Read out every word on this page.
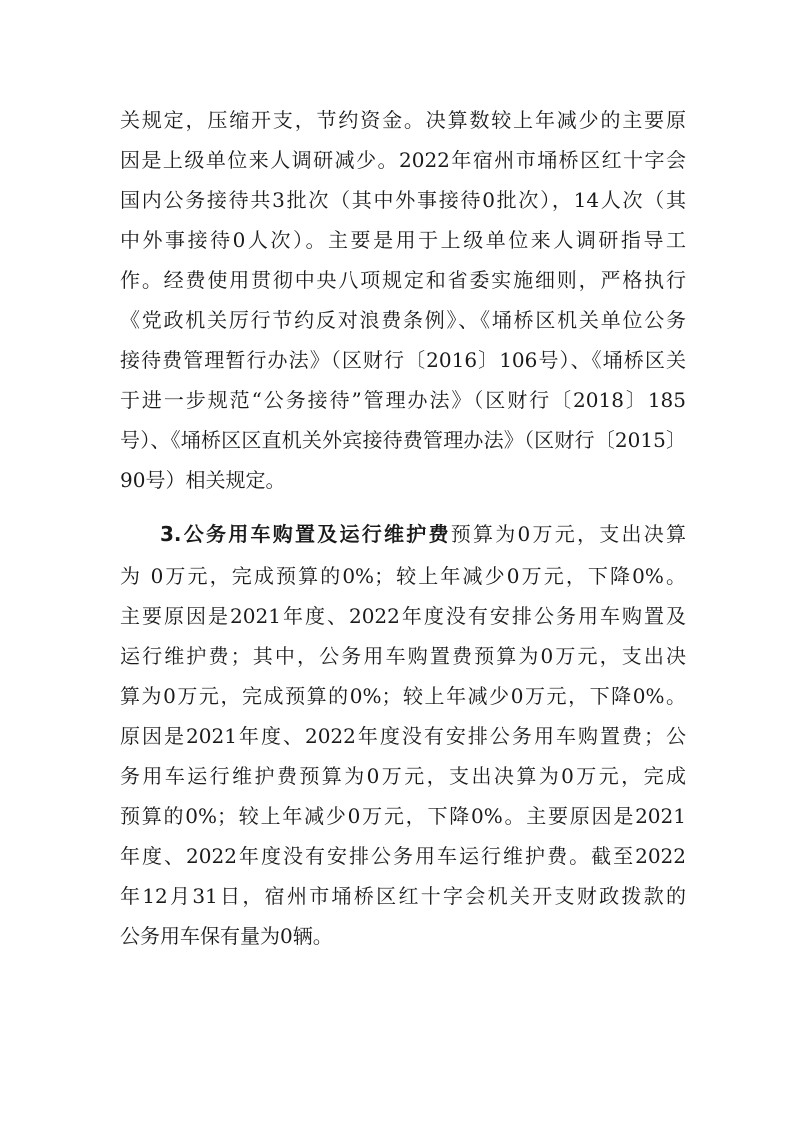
关规定，压缩开支，节约资金。决算数较上年减少的主要原
因是上级单位来人调研减少。2022年宿州市埇桥区红十字会
国内公务接待共3批次（其中外事接待0批次），14人次（其
中外事接待0人次）。主要是用于上级单位来人调研指导工
作。经费使用贯彻中央八项规定和省委实施细则，严格执行
《党政机关厉行节约反对浪费条例》、《埇桥区机关单位公务
接待费管理暂行办法》（区财行〔2016〕106号）、《埇桥区关
于进一步规范“公务接待”管理办法》（区财行〔2018〕185
号）、《埇桥区区直机关外宾接待费管理办法》（区财行〔2015〕
90号）相关规定。
3.公务用车购置及运行维护费预算为0万元，支出决算
为 0万元，完成预算的0%；较上年减少0万元，下降0%。
主要原因是2021年度、2022年度没有安排公务用车购置及
运行维护费；其中，公务用车购置费预算为0万元，支出决
算为0万元，完成预算的0%；较上年减少0万元，下降0%。
原因是2021年度、2022年度没有安排公务用车购置费；公
务用车运行维护费预算为0万元，支出决算为0万元，完成
预算的0%；较上年减少0万元，下降0%。主要原因是2021
年度、2022年度没有安排公务用车运行维护费。截至2022
年12月31日，宿州市埇桥区红十字会机关开支财政拨款的
公务用车保有量为0辆。
